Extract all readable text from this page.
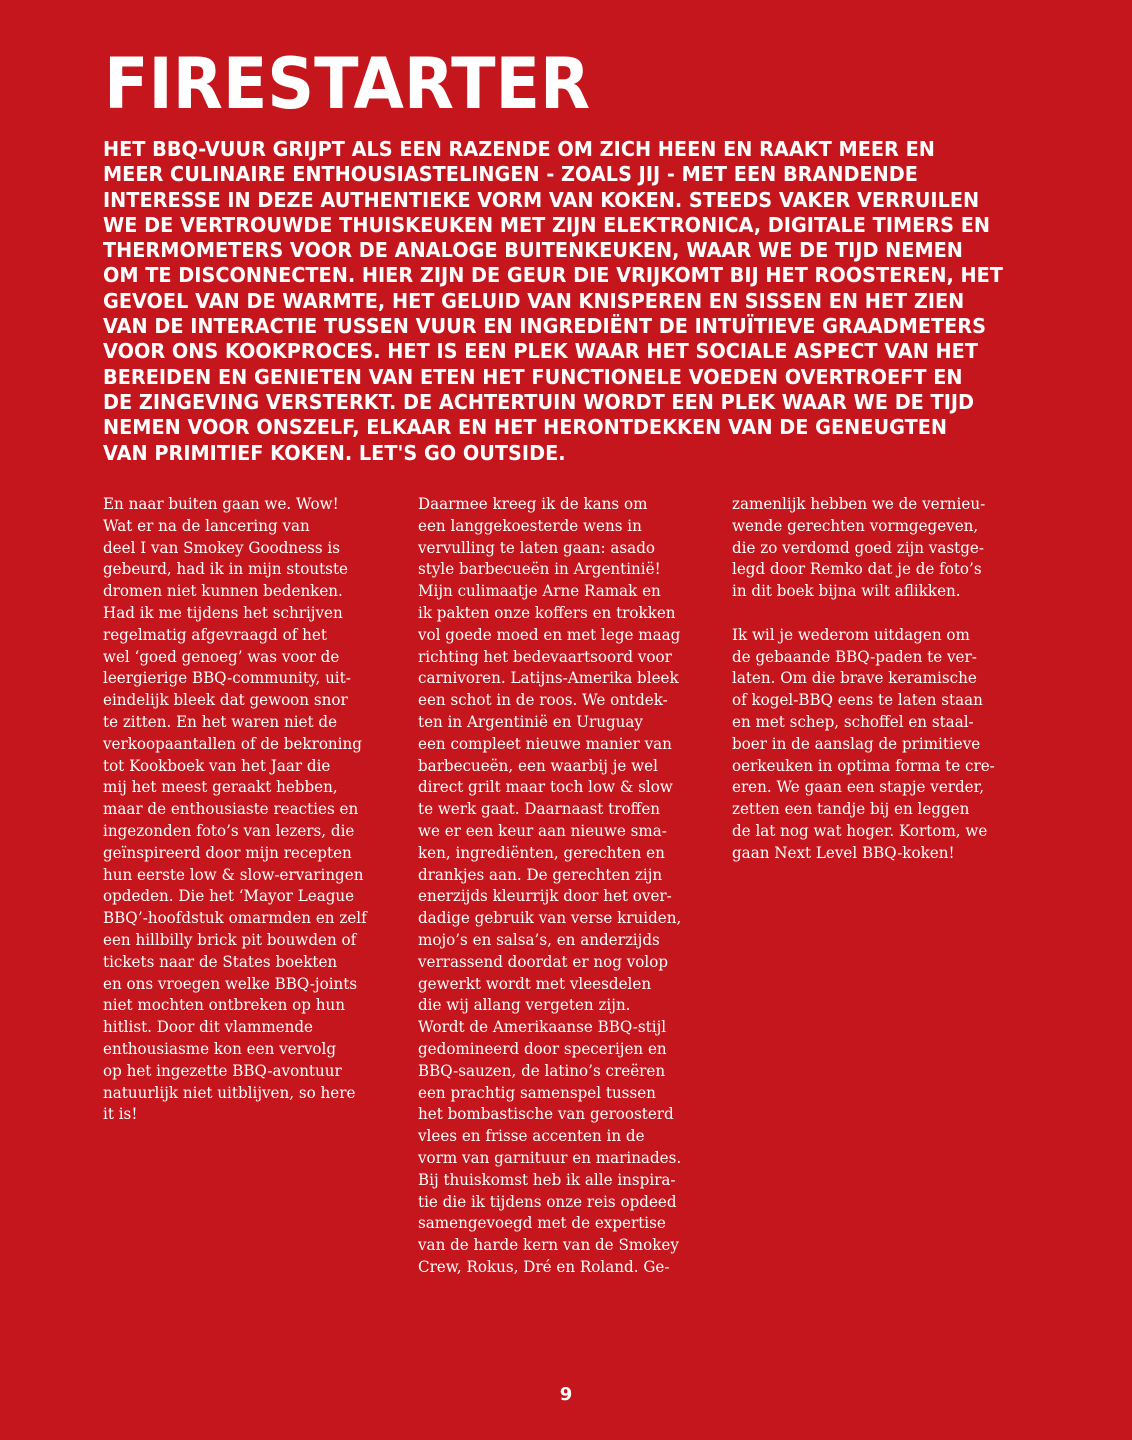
FIRESTARTER
HET BBQ-VUUR GRIJPT ALS EEN RAZENDE OM ZICH HEEN EN RAAKT MEER EN
MEER CULINAIRE ENTHOUSIASTELINGEN - ZOALS JIJ - MET EEN BRANDENDE
INTERESSE IN DEZE AUTHENTIEKE VORM VAN KOKEN. STEEDS VAKER VERRUILEN
WE DE VERTROUWDE THUISKEUKEN MET ZIJN ELEKTRONICA, DIGITALE TIMERS EN
THERMOMETERS VOOR DE ANALOGE BUITENKEUKEN, WAAR WE DE TIJD NEMEN
OM TE DISCONNECTEN. HIER ZIJN DE GEUR DIE VRIJKOMT BIJ HET ROOSTEREN, HET
GEVOEL VAN DE WARMTE, HET GELUID VAN KNISPEREN EN SISSEN EN HET ZIEN
VAN DE INTERACTIE TUSSEN VUUR EN INGREDIËNT DE INTUÏTIEVE GRAADMETERS
VOOR ONS KOOKPROCES. HET IS EEN PLEK WAAR HET SOCIALE ASPECT VAN HET
BEREIDEN EN GENIETEN VAN ETEN HET FUNCTIONELE VOEDEN OVERTROEFT EN
DE ZINGEVING VERSTERKT. DE ACHTERTUIN WORDT EEN PLEK WAAR WE DE TIJD
NEMEN VOOR ONSZELF, ELKAAR EN HET HERONTDEKKEN VAN DE GENEUGTEN
VAN PRIMITIEF KOKEN. LET'S GO OUTSIDE.
En naar buiten gaan we. Wow!
Wat er na de lancering van
deel I van Smokey Goodness is
gebeurd, had ik in mijn stoutste
dromen niet kunnen bedenken.
Had ik me tijdens het schrijven
regelmatig afgevraagd of het
wel ‘goed genoeg’ was voor de
leergierige BBQ-community, uit-
eindelijk bleek dat gewoon snor
te zitten. En het waren niet de
verkoopaantallen of de bekroning
tot Kookboek van het Jaar die
mij het meest geraakt hebben,
maar de enthousiaste reacties en
ingezonden foto’s van lezers, die
geïnspireerd door mijn recepten
hun eerste low & slow-ervaringen
opdeden. Die het ‘Mayor League
BBQ’-hoofdstuk omarmden en zelf
een hillbilly brick pit bouwden of
tickets naar de States boekten
en ons vroegen welke BBQ-joints
niet mochten ontbreken op hun
hitlist. Door dit vlammende
enthousiasme kon een vervolg
op het ingezette BBQ-avontuur
natuurlijk niet uitblijven, so here
it is!
Daarmee kreeg ik de kans om
een langgekoesterde wens in
vervulling te laten gaan: asado
style barbecueën in Argentinië!
Mijn culimaatje Arne Ramak en
ik pakten onze koffers en trokken
vol goede moed en met lege maag
richting het bedevaartsoord voor
carnivoren. Latijns-Amerika bleek
een schot in de roos. We ontdek-
ten in Argentinië en Uruguay
een compleet nieuwe manier van
barbecueën, een waarbij je wel
direct grilt maar toch low & slow
te werk gaat. Daarnaast troffen
we er een keur aan nieuwe sma-
ken, ingrediënten, gerechten en
drankjes aan. De gerechten zijn
enerzijds kleurrijk door het over-
dadige gebruik van verse kruiden,
mojo’s en salsa’s, en anderzijds
verrassend doordat er nog volop
gewerkt wordt met vleesdelen
die wij allang vergeten zijn.
Wordt de Amerikaanse BBQ-stijl
gedomineerd door specerijen en
BBQ-sauzen, de latino’s creëren
een prachtig samenspel tussen
het bombastische van geroosterd
vlees en frisse accenten in de
vorm van garnituur en marinades.
Bij thuiskomst heb ik alle inspira-
tie die ik tijdens onze reis opdeed
samengevoegd met de expertise
van de harde kern van de Smokey
Crew, Rokus, Dré en Roland. Ge-
zamenlijk hebben we de vernieu-
wende gerechten vormgegeven,
die zo verdomd goed zijn vastge-
legd door Remko dat je de foto’s
in dit boek bijna wilt aflikken.
Ik wil je wederom uitdagen om
de gebaande BBQ-paden te ver-
laten. Om die brave keramische
of kogel-BBQ eens te laten staan
en met schep, schoffel en staal-
boer in de aanslag de primitieve
oerkeuken in optima forma te cre-
eren. We gaan een stapje verder,
zetten een tandje bij en leggen
de lat nog wat hoger. Kortom, we
gaan Next Level BBQ-koken!
9
